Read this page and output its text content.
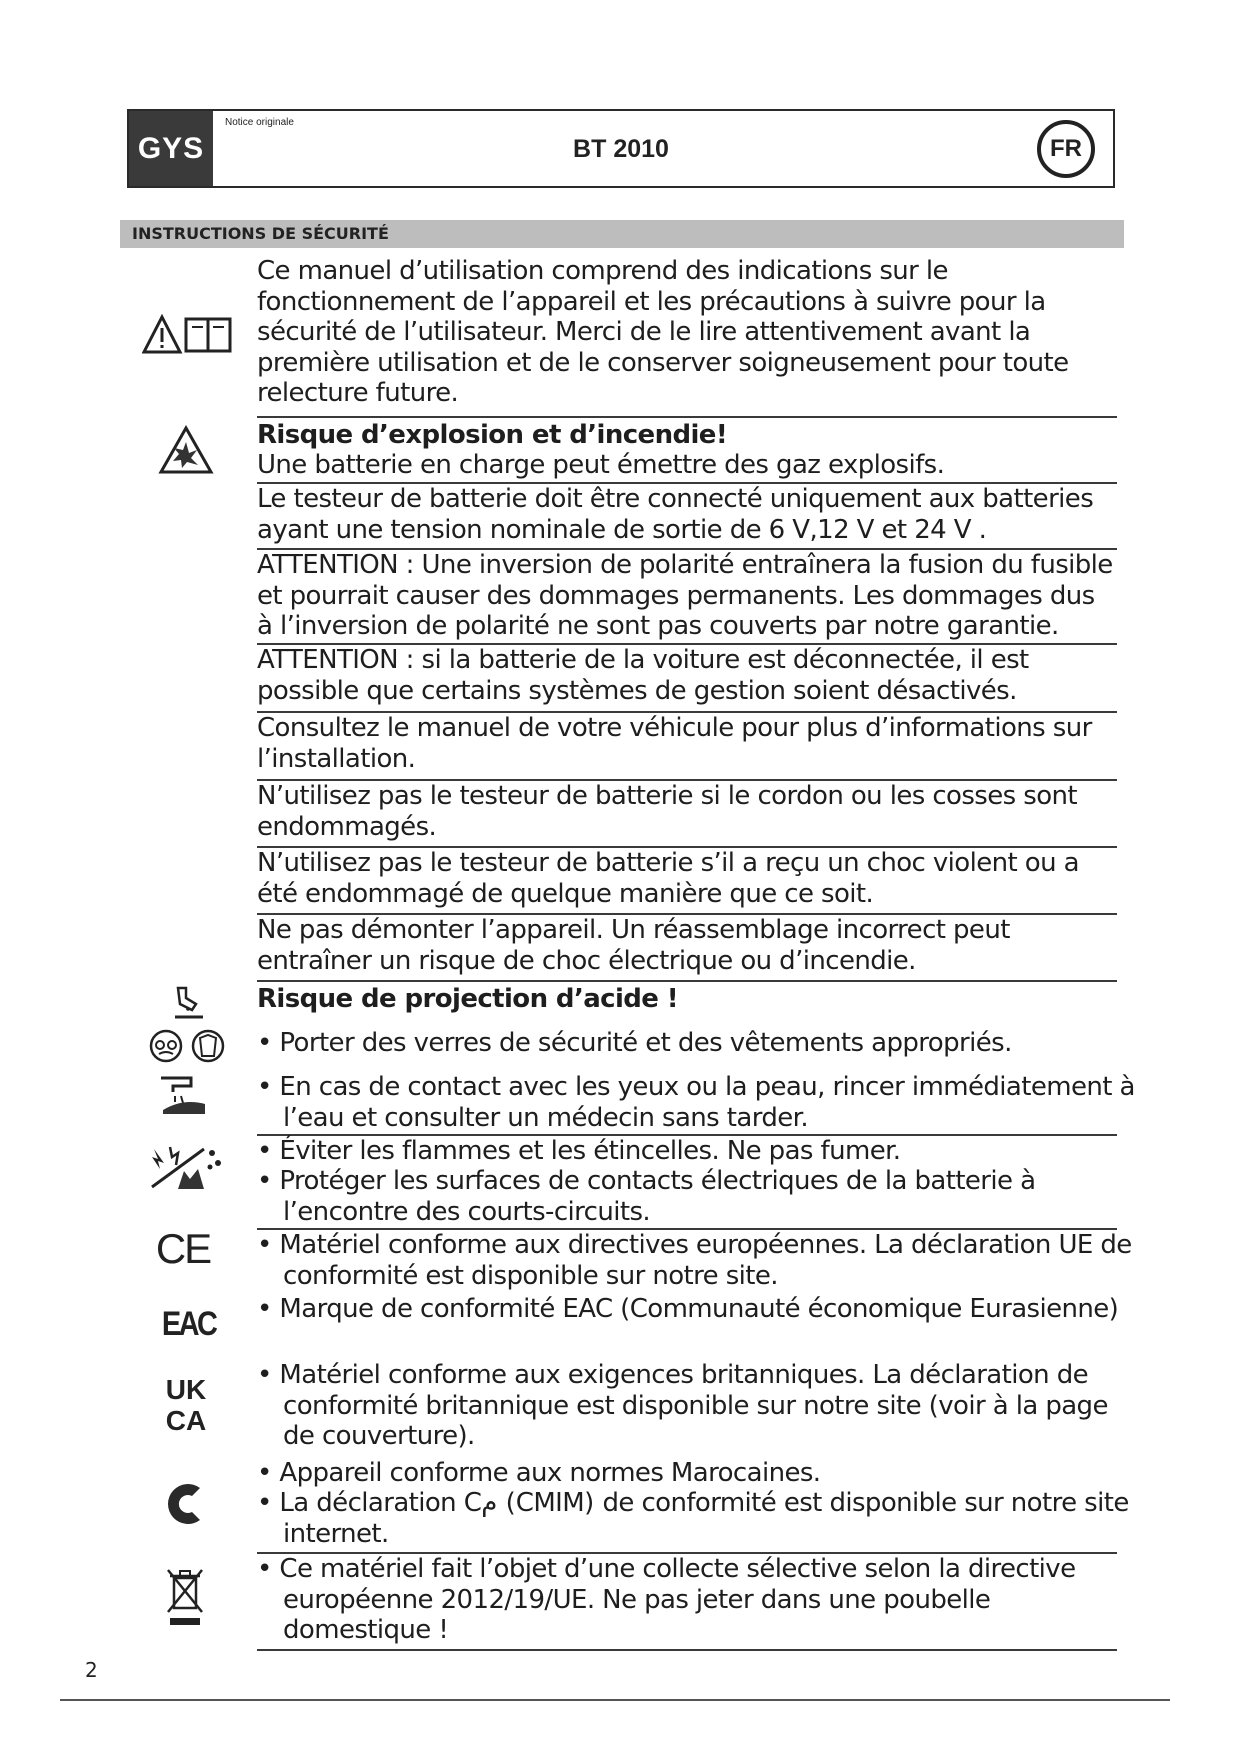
GYS
Notice originale
BT 2010	FR
INSTRUCTIONS DE SÉCURITÉ
CE
EAC
UK CA

Ce manuel d’utilisation comprend des indications sur le fonctionnement de l’appareil et les précautions à suivre pour la sécurité de l’utilisateur. Merci de le lire attentivement avant la première utilisation et de le conserver soigneusement pour toute relecture future.

Risque d’explosion et d’incendie!

Une batterie en charge peut émettre des gaz explosifs.

Le testeur de batterie doit être connecté uniquement aux batteries ayant une tension nominale de sortie de 6 V,12 V et 24 V .

ATTENTION : Une inversion de polarité entraînera la fusion du fusible et pourrait causer des dommages permanents. Les dommages dus à l’inversion de polarité ne sont pas couverts par notre garantie.

ATTENTION : si la batterie de la voiture est déconnectée, il est possible que certains systèmes de gestion soient désactivés.

Consultez le manuel de votre véhicule pour plus d’informations sur l’installation.

N’utilisez pas le testeur de batterie si le cordon ou les cosses sont endommagés.

N’utilisez pas le testeur de batterie s’il a reçu un choc violent ou a été endommagé de quelque manière que ce soit.

Ne pas démonter l’appareil. Un réassemblage incorrect peut entraîner un risque de choc électrique ou d’incendie.

Risque de projection d’acide !

• Porter des verres de sécurité et des vêtements appropriés.

• En cas de contact avec les yeux ou la peau, rincer immédiatement à l’eau et consulter un médecin sans tarder.

• Éviter les flammes et les étincelles. Ne pas fumer.

• Protéger les surfaces de contacts électriques de la batterie à l’encontre des courts-circuits.

• Matériel conforme aux directives européennes. La déclaration UE de conformité est disponible sur notre site.

• Marque de conformité EAC (Communauté économique Eurasienne)

• Matériel conforme aux exigences britanniques. La déclaration de conformité britannique est disponible sur notre site (voir à la page de couverture).

• Appareil conforme aux normes Marocaines.

• La déclaration Cم (CMIM) de conformité est disponible sur notre site internet.

• Ce matériel fait l’objet d’une collecte sélective selon la directive européenne 2012/19/UE. Ne pas jeter dans une poubelle domestique !

2
